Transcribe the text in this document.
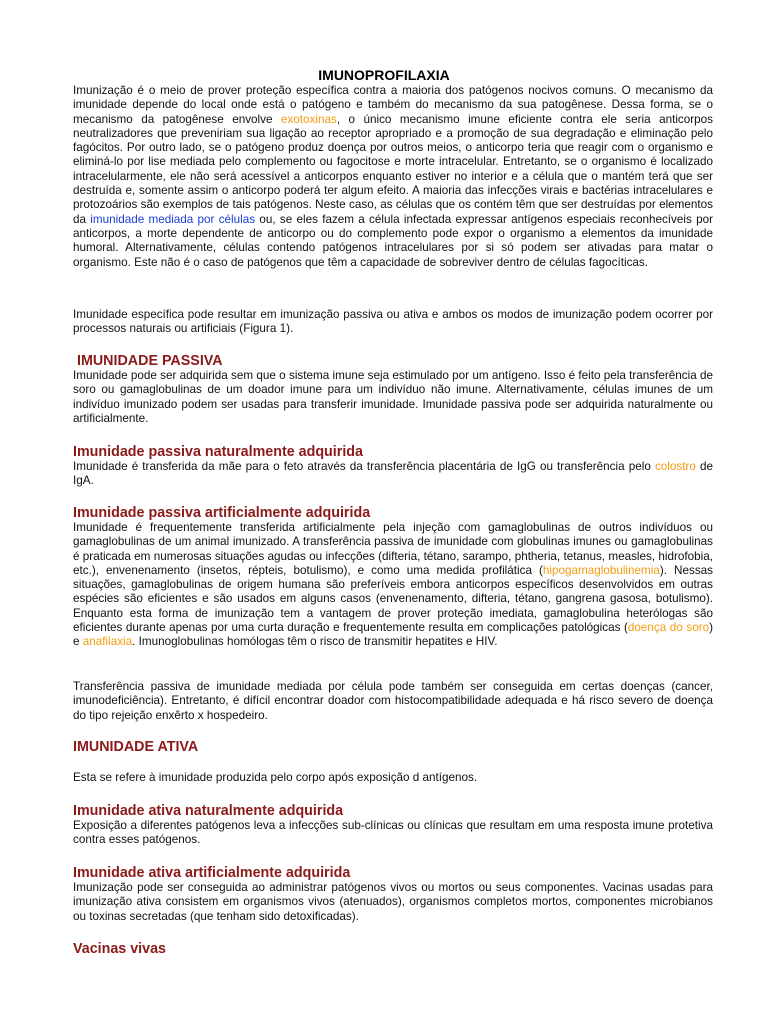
IMUNOPROFILAXIA

Imunização é o meio de prover proteção específica contra a maioria dos patógenos nocivos comuns. O mecanismo da imunidade depende do local onde está o patógeno e também do mecanismo da sua patogênese. Dessa forma, se o mecanismo da patogênese envolve exotoxinas, o único mecanismo imune eficiente contra ele seria anticorpos neutralizadores que preveniriam sua ligação ao receptor apropriado e a promoção de sua degradação e eliminação pelo fagócitos. Por outro lado, se o patógeno produz doença por outros meios, o anticorpo teria que reagir com o organismo e eliminá-lo por lise mediada pelo complemento ou fagocitose e morte intracelular. Entretanto, se o organismo é localizado intracelularmente, ele não será acessível a anticorpos enquanto estiver no interior e a célula que o mantém terá que ser destruída e, somente assim o anticorpo poderá ter algum efeito. A maioria das infecções virais e bactérias intracelulares e protozoários são exemplos de tais patógenos. Neste caso, as células que os contém têm que ser destruídas por elementos da imunidade mediada por células ou, se eles fazem a célula infectada expressar antígenos especiais reconhecíveis por anticorpos, a morte dependente de anticorpo ou do complemento pode expor o organismo a elementos da imunidade humoral. Alternativamente, células contendo patógenos intracelulares por si só podem ser ativadas para matar o organismo. Este não é o caso de patógenos que têm a capacidade de sobreviver dentro de células fagocíticas.

Imunidade específica pode resultar em imunização passiva ou ativa e ambos os modos de imunização podem ocorrer por processos naturais ou artificiais (Figura 1).

IMUNIDADE PASSIVA

Imunidade pode ser adquirida sem que o sistema imune seja estimulado por um antígeno. Isso é feito pela transferência de soro ou gamaglobulinas de um doador imune para um indivíduo não imune. Alternativamente, células imunes de um indivíduo imunizado podem ser usadas para transferir imunidade. Imunidade passiva pode ser adquirida naturalmente ou artificialmente.

Imunidade passiva naturalmente adquirida

Imunidade é transferida da mãe para o feto através da transferência placentária de IgG ou transferência pelo colostro de IgA.

Imunidade passiva artificialmente adquirida

Imunidade é frequentemente transferida artificialmente pela injeção com gamaglobulinas de outros indivíduos ou gamaglobulinas de um animal imunizado. A transferência passiva de imunidade com globulinas imunes ou gamaglobulinas é praticada em numerosas situações agudas ou infecções (difteria, tétano, sarampo, phtheria, tetanus, measles, hidrofobia, etc.), envenenamento (insetos, répteis, botulismo), e como uma medida profilática (hipogamaglobulinemia). Nessas situações, gamaglobulinas de origem humana são preferíveis embora anticorpos específicos desenvolvidos em outras espécies são eficientes e são usados em alguns casos (envenenamento, difteria, tétano, gangrena gasosa, botulismo). Enquanto esta forma de imunização tem a vantagem de prover proteção imediata, gamaglobulina heterólogas são eficientes durante apenas por uma curta duração e frequentemente resulta em complicações patológicas (doença do soro) e anafilaxia. Imunoglobulinas homólogas têm o risco de transmitir hepatites e HIV.

Transferência passiva de imunidade mediada por célula pode também ser conseguida em certas doenças (cancer, imunodeficiência). Entretanto, é difícil encontrar doador com histocompatibilidade adequada e há risco severo de doença do tipo rejeição enxêrto x hospedeiro.

IMUNIDADE ATIVA

Esta se refere à imunidade produzida pelo corpo após exposição d antígenos.

Imunidade ativa naturalmente adquirida

Exposição a diferentes patógenos leva a infecções sub-clínicas ou clínicas que resultam em uma resposta imune protetiva contra esses patógenos.

Imunidade ativa artificialmente adquirida

Imunização pode ser conseguida ao administrar patógenos vivos ou mortos ou seus componentes. Vacinas usadas para imunização ativa consistem em organismos vivos (atenuados), organismos completos mortos, componentes microbianos ou toxinas secretadas (que tenham sido detoxificadas).

Vacinas vivas
